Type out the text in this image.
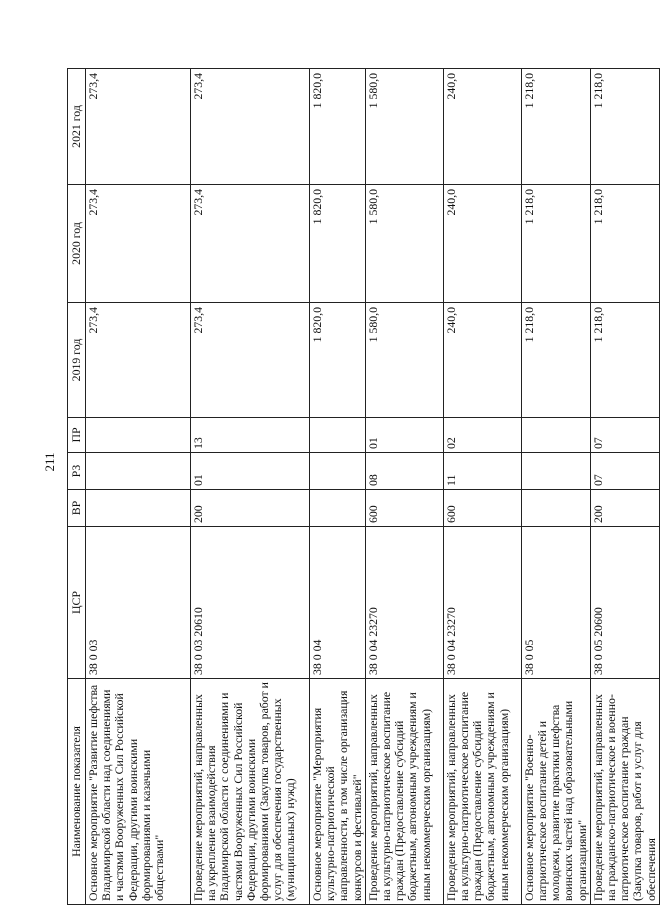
211
Наименование показателя	ЦСР	ВР	РЗ	ПР	2019 год	2020 год	2021 год
Основное мероприятие "Развитие шефства Владимирской области над соединениями и частями Вооруженных Сил Российской Федерации, другими воинскими формированиями и казачьими обществами"	38 0 03				273,4	273,4	273,4
Проведение мероприятий, направленных на укрепление взаимодействия Владимирской области с соединениями и частями Вооруженных Сил Российской Федерации, другими воинскими формированиями (Закупка товаров, работ и услуг для обеспечения государственных (муниципальных) нужд)	38 0 03 20610	200	01	13	273,4	273,4	273,4
Основное мероприятие "Мероприятия культурно-патриотической направленности, в том числе организация конкурсов и фестивалей"	38 0 04				1 820,0	1 820,0	1 820,0
Проведение мероприятий, направленных на культурно-патриотическое воспитание граждан (Предоставление субсидий бюджетным, автономным учреждениям и иным некоммерческим организациям)	38 0 04 23270	600	08	01	1 580,0	1 580,0	1 580,0
Проведение мероприятий, направленных на культурно-патриотическое воспитание граждан (Предоставление субсидий бюджетным, автономным учреждениям и иным некоммерческим организациям)	38 0 04 23270	600	11	02	240,0	240,0	240,0
Основное мероприятие "Военно-патриотическое воспитание детей и молодежи, развитие практики шефства воинских частей над образовательными организациями"	38 0 05				1 218,0	1 218,0	1 218,0
Проведение мероприятий, направленных на гражданско-патриотическое и военно-патриотическое воспитание граждан (Закупка товаров, работ и услуг для обеспечения	38 0 05 20600	200	07	07	1 218,0	1 218,0	1 218,0
